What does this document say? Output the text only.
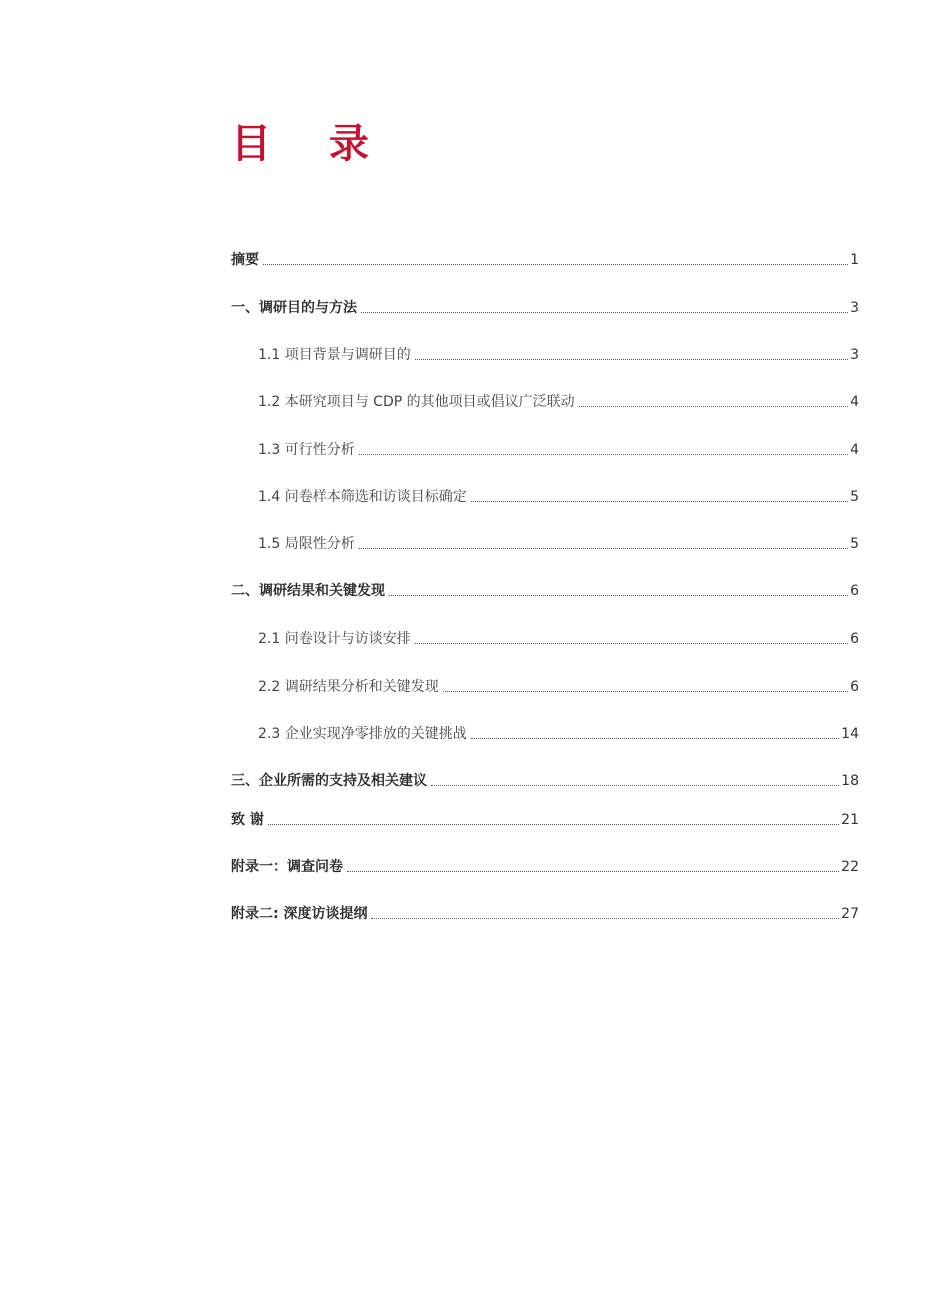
目 录
摘要	1
一、调研目的与方法	3
1.1 项目背景与调研目的	3
1.2 本研究项目与 CDP 的其他项目或倡议广泛联动	4
1.3 可行性分析	4
1.4 问卷样本筛选和访谈目标确定	5
1.5 局限性分析	5
二、调研结果和关键发现	6
2.1 问卷设计与访谈安排	6
2.2 调研结果分析和关键发现	6
2.3 企业实现净零排放的关键挑战	14
三、企业所需的支持及相关建议	18
致 谢	21
附录一：调查问卷	22
附录二: 深度访谈提纲	27
